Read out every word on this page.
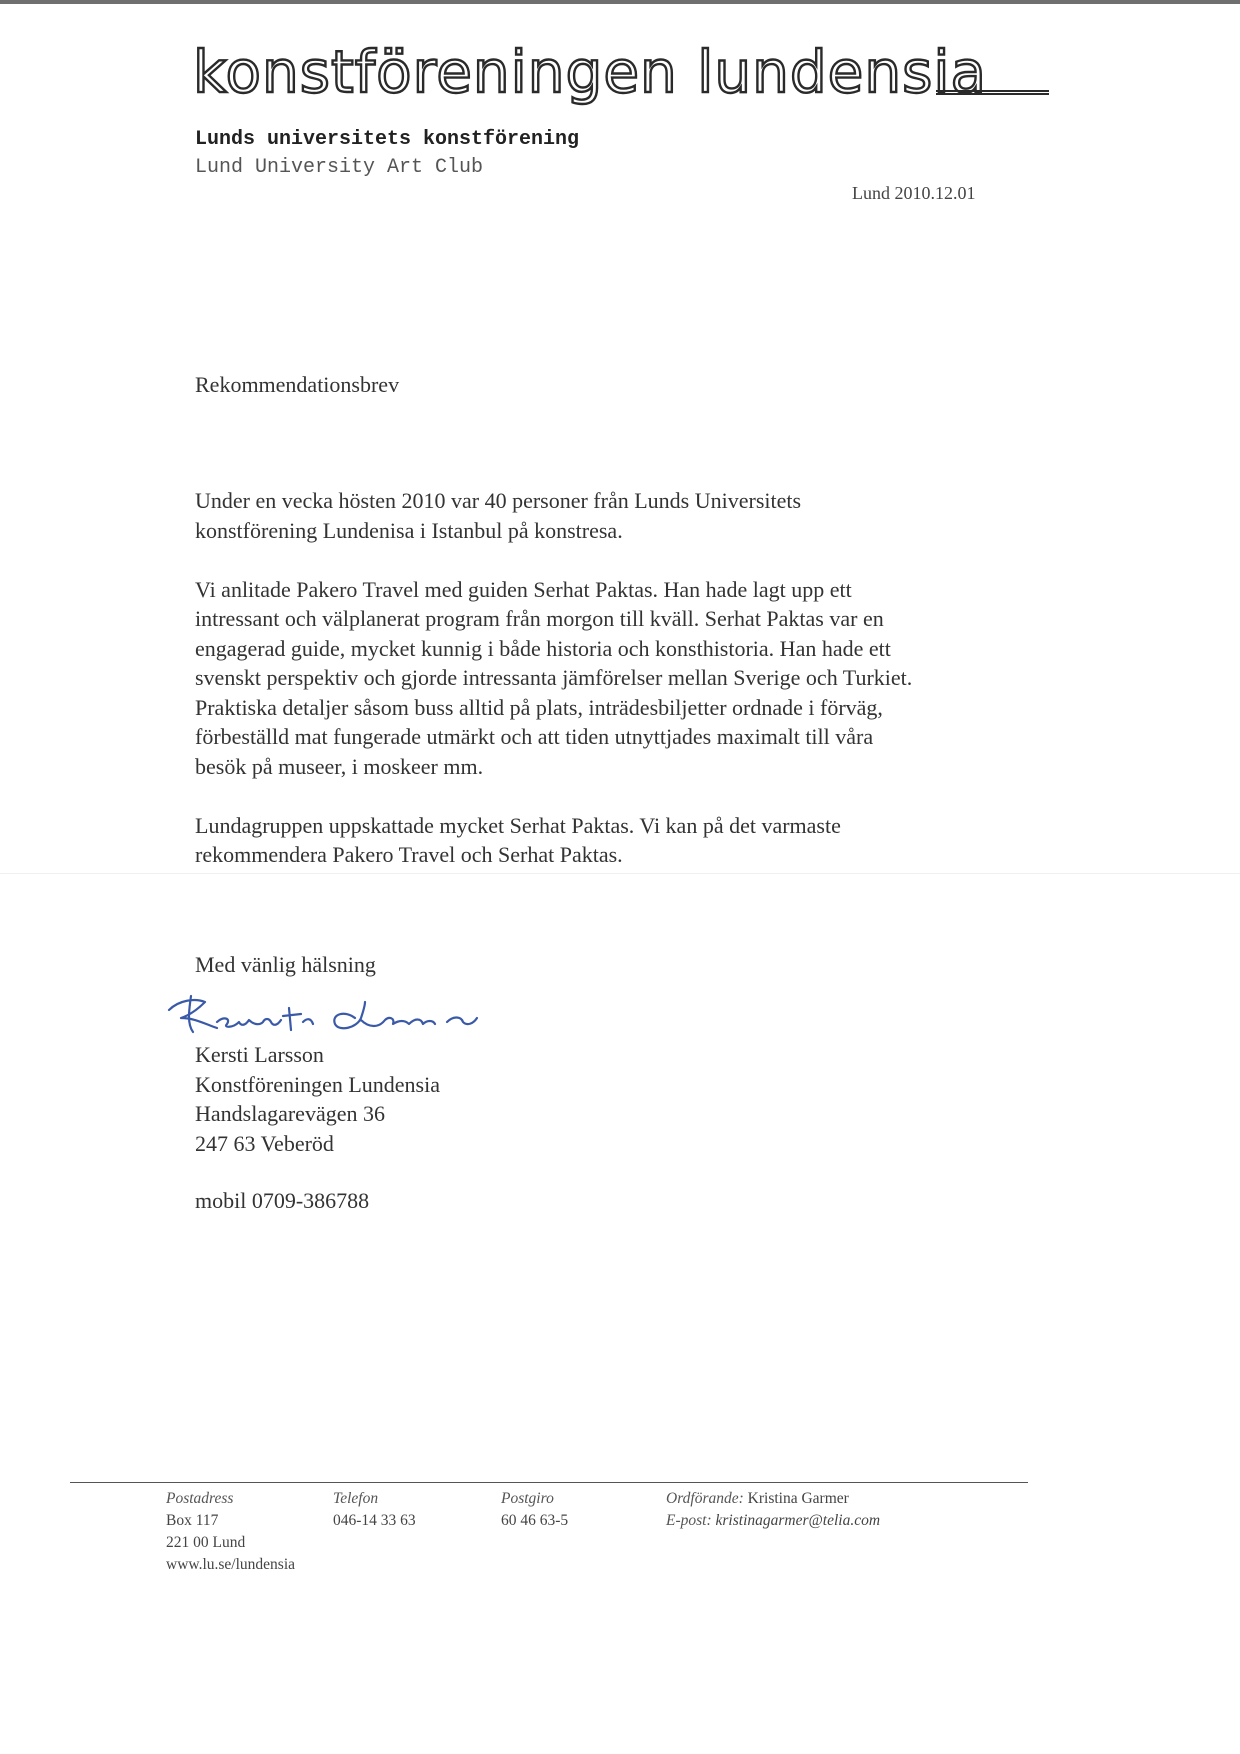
konstföreningen lundensia
Lunds universitets konstförening
Lund University Art Club
Lund 2010.12.01
Rekommendationsbrev

Under en vecka hösten 2010 var 40 personer från Lunds Universitets
konstförening Lundenisa i Istanbul på konstresa.

Vi anlitade Pakero Travel med guiden Serhat Paktas. Han hade lagt upp ett
intressant och välplanerat program från morgon till kväll. Serhat Paktas var en
engagerad guide, mycket kunnig i både historia och konsthistoria. Han hade ett
svenskt perspektiv och gjorde intressanta jämförelser mellan Sverige och Turkiet.
Praktiska detaljer såsom buss alltid på plats, inträdesbiljetter ordnade i förväg,
förbeställd mat fungerade utmärkt och att tiden utnyttjades maximalt till våra
besök på museer, i moskeer mm.

Lundagruppen uppskattade mycket Serhat Paktas. Vi kan på det varmaste
rekommendera Pakero Travel och Serhat Paktas.

Med vänlig hälsning
Kersti Larsson
Konstföreningen Lundensia
Handslagarevägen 36
247 63 Veberöd
mobil 0709-386788
Postadress
Box 117
221 00 Lund
www.lu.se/lundensia
Telefon
046-14 33 63
Postgiro
60 46 63-5
Ordförande: Kristina Garmer
E-post: kristinagarmer@telia.com
